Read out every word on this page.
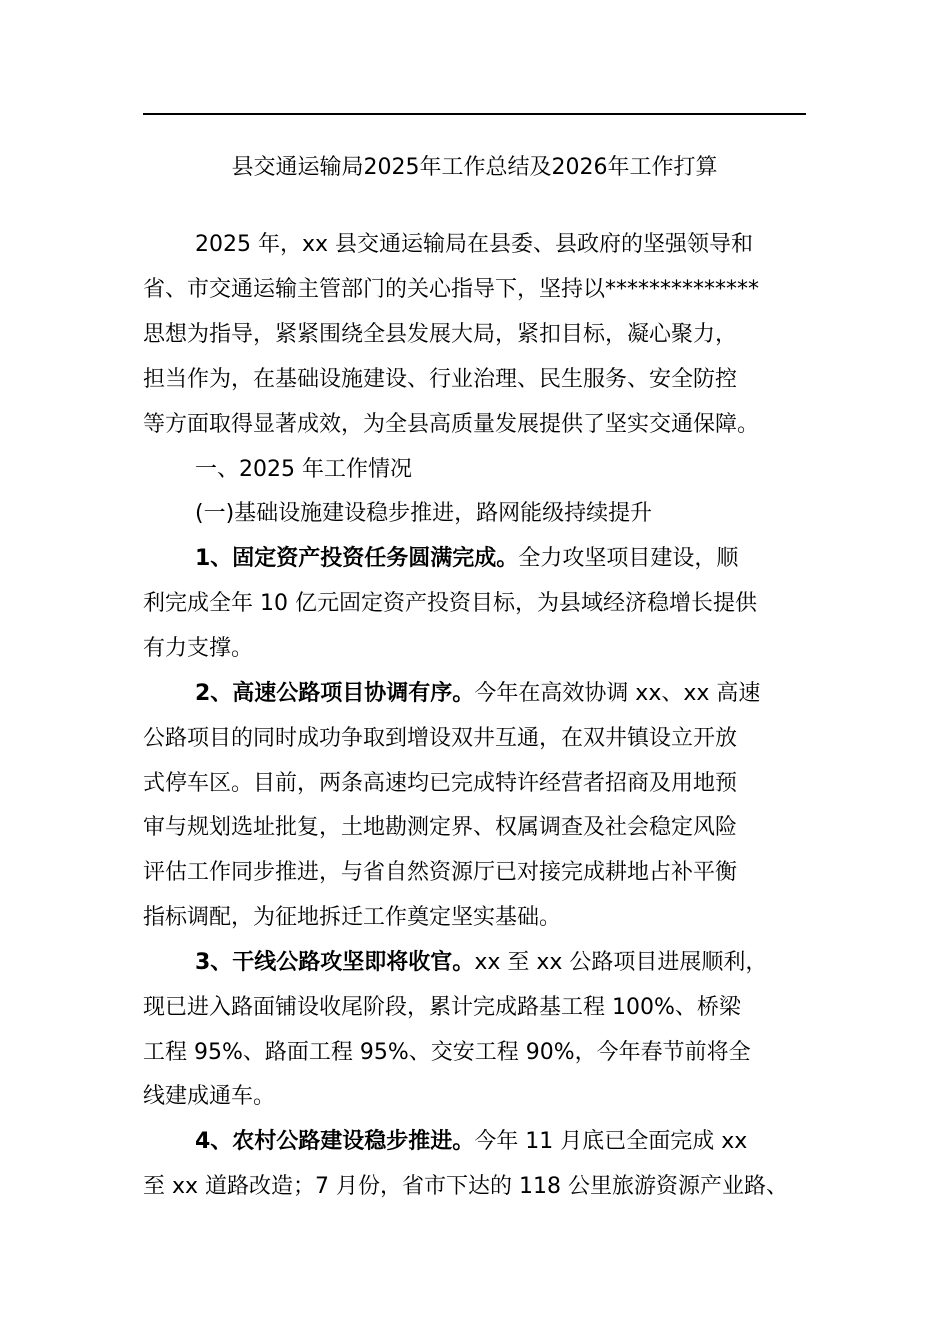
县交通运输局2025年工作总结及2026年工作打算
2025 年，xx 县交通运输局在县委、县政府的坚强领导和
省、市交通运输主管部门的关心指导下，坚持以**************
思想为指导，紧紧围绕全县发展大局，紧扣目标，凝心聚力，
担当作为，在基础设施建设、行业治理、民生服务、安全防控
等方面取得显著成效，为全县高质量发展提供了坚实交通保障。
一、2025 年工作情况
(一)基础设施建设稳步推进，路网能级持续提升
1、固定资产投资任务圆满完成。全力攻坚项目建设，顺
利完成全年 10 亿元固定资产投资目标，为县域经济稳增长提供
有力支撑。
2、高速公路项目协调有序。今年在高效协调 xx、xx 高速
公路项目的同时成功争取到增设双井互通，在双井镇设立开放
式停车区。目前，两条高速均已完成特许经营者招商及用地预
审与规划选址批复，土地勘测定界、权属调查及社会稳定风险
评估工作同步推进，与省自然资源厅已对接完成耕地占补平衡
指标调配，为征地拆迁工作奠定坚实基础。
3、干线公路攻坚即将收官。xx 至 xx 公路项目进展顺利，
现已进入路面铺设收尾阶段，累计完成路基工程 100%、桥梁
工程 95%、路面工程 95%、交安工程 90%，今年春节前将全
线建成通车。
4、农村公路建设稳步推进。今年 11 月底已全面完成 xx
至 xx 道路改造；7 月份，省市下达的 118 公里旅游资源产业路、
